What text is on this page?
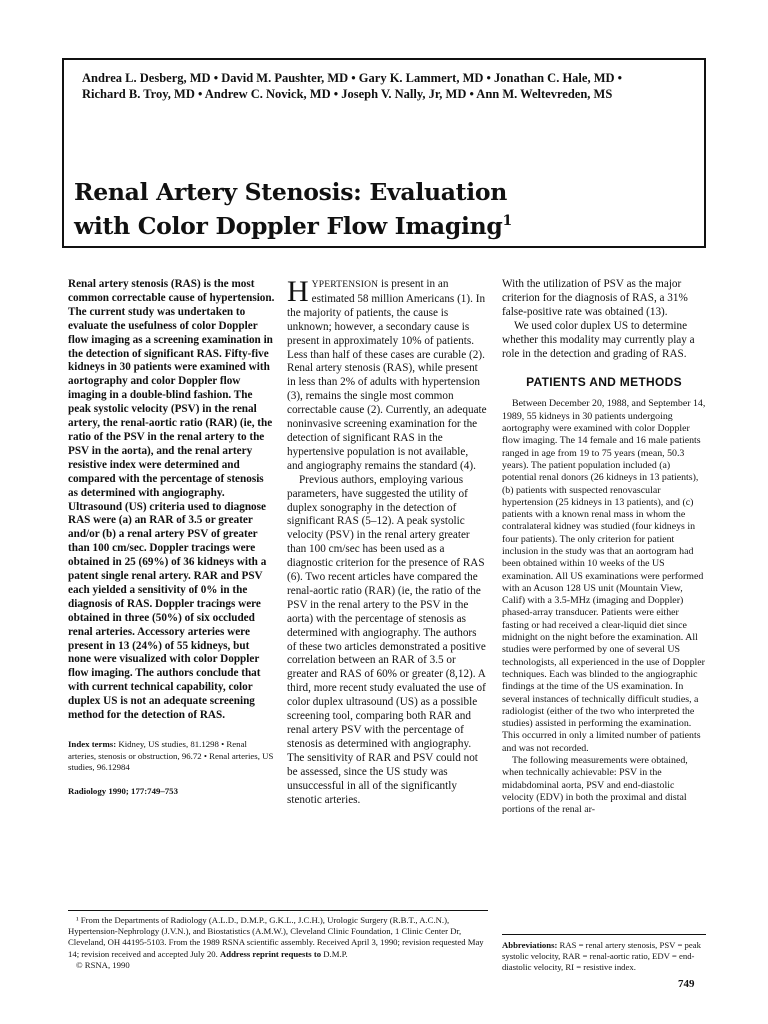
Andrea L. Desberg, MD • David M. Paushter, MD • Gary K. Lammert, MD • Jonathan C. Hale, MD •
Richard B. Troy, MD • Andrew C. Novick, MD • Joseph V. Nally, Jr, MD • Ann M. Weltevreden, MS
Renal Artery Stenosis: Evaluation
with Color Doppler Flow Imaging$^1$

Renal artery stenosis (RAS) is the most common correctable cause of hypertension. The current study was undertaken to evaluate the usefulness of color Doppler flow imaging as a screening examination in the detection of significant RAS. Fifty-five kidneys in 30 patients were examined with aortography and color Doppler flow imaging in a double-blind fashion. The peak systolic velocity (PSV) in the renal artery, the renal-aortic ratio (RAR) (ie, the ratio of the PSV in the renal artery to the PSV in the aorta), and the renal artery resistive index were determined and compared with the percentage of stenosis as determined with angiography. Ultrasound (US) criteria used to diagnose RAS were (a) an RAR of 3.5 or greater and/or (b) a renal artery PSV of greater than 100 cm/sec. Doppler tracings were obtained in 25 (69%) of 36 kidneys with a patent single renal artery. RAR and PSV each yielded a sensitivity of 0% in the diagnosis of RAS. Doppler tracings were obtained in three (50%) of six occluded renal arteries. Accessory arteries were present in 13 (24%) of 55 kidneys, but none were visualized with color Doppler flow imaging. The authors conclude that with current technical capability, color duplex US is not an adequate screening method for the detection of RAS.

Index terms: Kidney, US studies, 81.1298 • Renal arteries, stenosis or obstruction, 96.72 • Renal arteries, US studies, 96.12984
Radiology 1990; 177:749–753

HYPERTENSION is present in an estimated 58 million Americans (1). In the majority of patients, the cause is unknown; however, a secondary cause is present in approximately 10% of patients. Less than half of these cases are curable (2). Renal artery stenosis (RAS), while present in less than 2% of adults with hypertension (3), remains the single most common correctable cause (2). Currently, an adequate noninvasive screening examination for the detection of significant RAS in the hypertensive population is not available, and angiography remains the standard (4).

Previous authors, employing various parameters, have suggested the utility of duplex sonography in the detection of significant RAS (5–12). A peak systolic velocity (PSV) in the renal artery greater than 100 cm/sec has been used as a diagnostic criterion for the presence of RAS (6). Two recent articles have compared the renal-aortic ratio (RAR) (ie, the ratio of the PSV in the renal artery to the PSV in the aorta) with the percentage of stenosis as determined with angiography. The authors of these two articles demonstrated a positive correlation between an RAR of 3.5 or greater and RAS of 60% or greater (8,12). A third, more recent study evaluated the use of color duplex ultrasound (US) as a possible screening tool, comparing both RAR and renal artery PSV with the percentage of stenosis as determined with angiography. The sensitivity of RAR and PSV could not be assessed, since the US study was unsuccessful in all of the significantly stenotic arteries.

With the utilization of PSV as the major criterion for the diagnosis of RAS, a 31% false-positive rate was obtained (13).

We used color duplex US to determine whether this modality may currently play a role in the detection and grading of RAS.

PATIENTS AND METHODS

Between December 20, 1988, and September 14, 1989, 55 kidneys in 30 patients undergoing aortography were examined with color Doppler flow imaging. The 14 female and 16 male patients ranged in age from 19 to 75 years (mean, 50.3 years). The patient population included (a) potential renal donors (26 kidneys in 13 patients), (b) patients with suspected renovascular hypertension (25 kidneys in 13 patients), and (c) patients with a known renal mass in whom the contralateral kidney was studied (four kidneys in four patients). The only criterion for patient inclusion in the study was that an aortogram had been obtained within 10 weeks of the US examination. All US examinations were performed with an Acuson 128 US unit (Mountain View, Calif) with a 3.5-MHz (imaging and Doppler) phased-array transducer. Patients were either fasting or had received a clear-liquid diet since midnight on the night before the examination. All studies were performed by one of several US technologists, all experienced in the use of Doppler techniques. Each was blinded to the angiographic findings at the time of the US examination. In several instances of technically difficult studies, a radiologist (either of the two who interpreted the studies) assisted in performing the examination. This occurred in only a limited number of patients and was not recorded.

The following measurements were obtained, when technically achievable: PSV in the midabdominal aorta, PSV and end-diastolic velocity (EDV) in both the proximal and distal portions of the renal ar-

¹ From the Departments of Radiology (A.L.D., D.M.P., G.K.L., J.C.H.), Urologic Surgery (R.B.T., A.C.N.), Hypertension-Nephrology (J.V.N.), and Biostatistics (A.M.W.), Cleveland Clinic Foundation, 1 Clinic Center Dr, Cleveland, OH 44195-5103. From the 1989 RSNA scientific assembly. Received April 3, 1990; revision requested May 14; revision received and accepted July 20. Address reprint requests to D.M.P.

© RSNA, 1990

Abbreviations: RAS = renal artery stenosis, PSV = peak systolic velocity, RAR = renal-aortic ratio, EDV = end-diastolic velocity, RI = resistive index.
749
